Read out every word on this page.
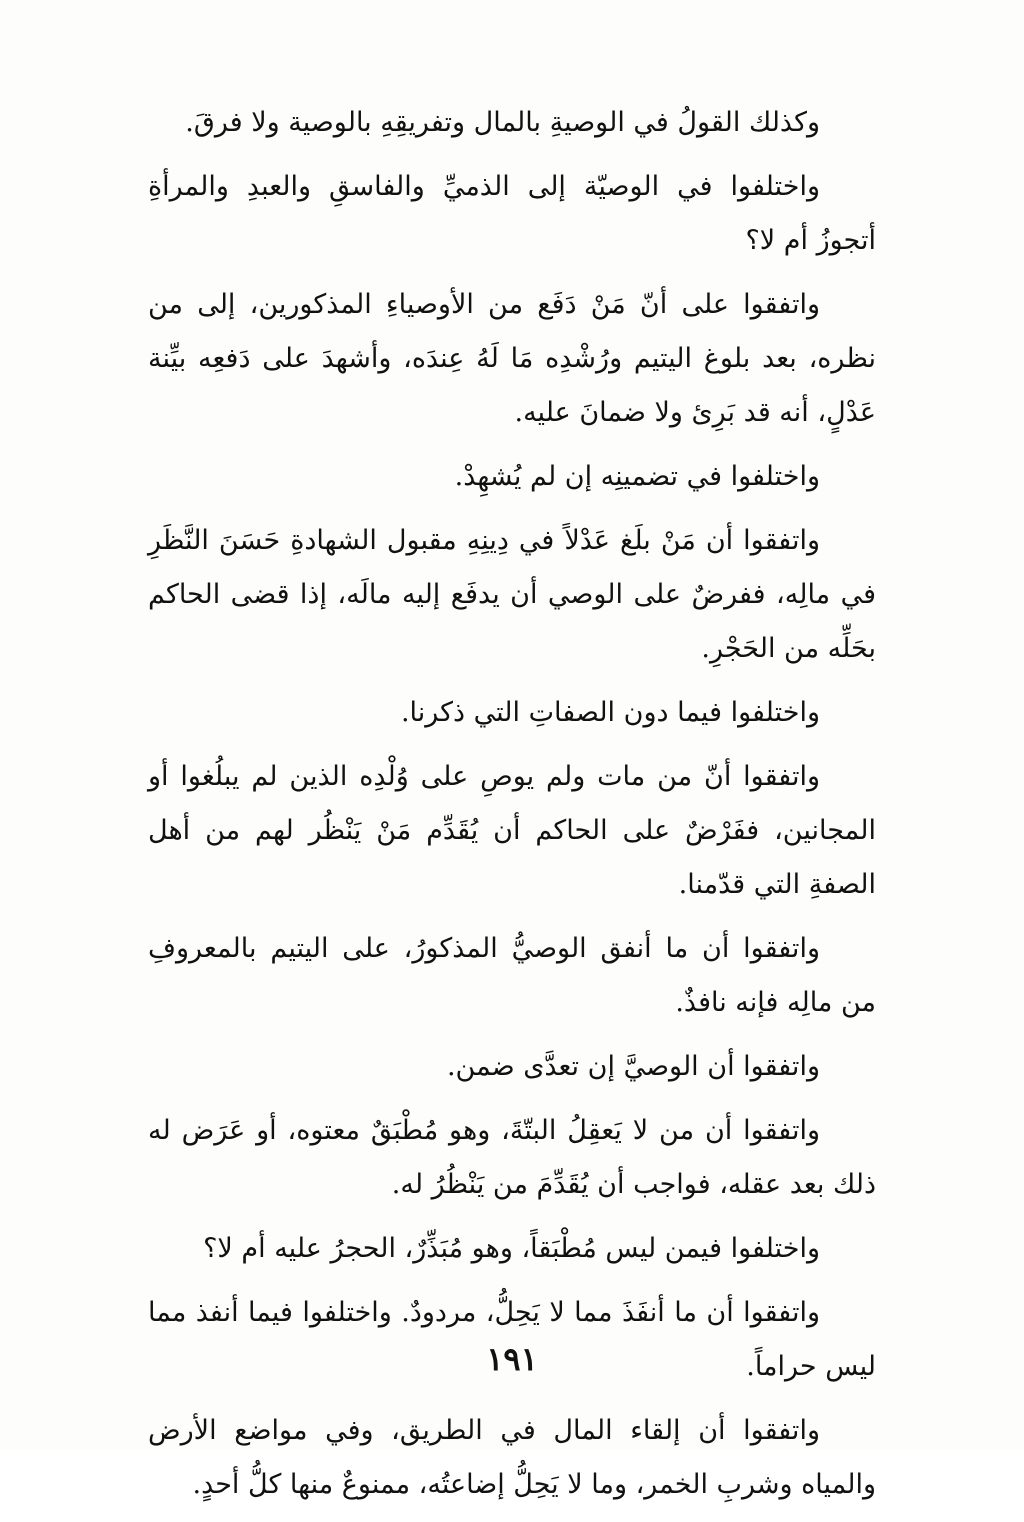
وكذلك القولُ في الوصيةِ بالمال وتفريقِهِ بالوصية ولا فرقَ.

واختلفوا في الوصيّة إلى الذميِّ والفاسقِ والعبدِ والمرأةِ أتجوزُ أم لا؟

واتفقوا على أنّ مَنْ دَفَع من الأوصياءِ المذكورين، إلى من نظره، بعد بلوغ اليتيم ورُشْدِه مَا لَهُ عِندَه، وأشهدَ على دَفعِه بيِّنة عَدْلٍ، أنه قد بَرِئ ولا ضمانَ عليه.

واختلفوا في تضمينِه إن لم يُشهِدْ.

واتفقوا أن مَنْ بلَغ عَدْلاً في دِينِهِ مقبول الشهادةِ حَسَنَ النَّظَرِ في مالِه، ففرضٌ على الوصي أن يدفَع إليه مالَه، إذا قضى الحاكم بحَلِّه من الحَجْرِ.

واختلفوا فيما دون الصفاتِ التي ذكرنا.

واتفقوا أنّ من مات ولم يوصِ على وُلْدِه الذين لم يبلُغوا أو المجانين، ففَرْضٌ على الحاكم أن يُقَدِّم مَنْ يَنْظُر لهم من أهل الصفةِ التي قدّمنا.

واتفقوا أن ما أنفق الوصيُّ المذكورُ، على اليتيم بالمعروفِ من مالِه فإنه نافذٌ.

واتفقوا أن الوصيَّ إن تعدَّى ضمن.

واتفقوا أن من لا يَعقِلُ البتّةَ، وهو مُطْبَقٌ معتوه، أو عَرَض له ذلك بعد عقله، فواجب أن يُقَدِّمَ من يَنْظُرُ له.

واختلفوا فيمن ليس مُطْبَقاً، وهو مُبَذِّرٌ، الحجرُ عليه أم لا؟

واتفقوا أن ما أنفَذَ مما لا يَحِلُّ، مردودٌ. واختلفوا فيما أنفذ مما ليس حراماً.

واتفقوا أن إلقاء المال في الطريق، وفي مواضع الأرض والمياه وشربِ الخمر، وما لا يَحِلُّ إضاعتُه، ممنوعٌ منها كلُّ أحدٍ.

١٩١
